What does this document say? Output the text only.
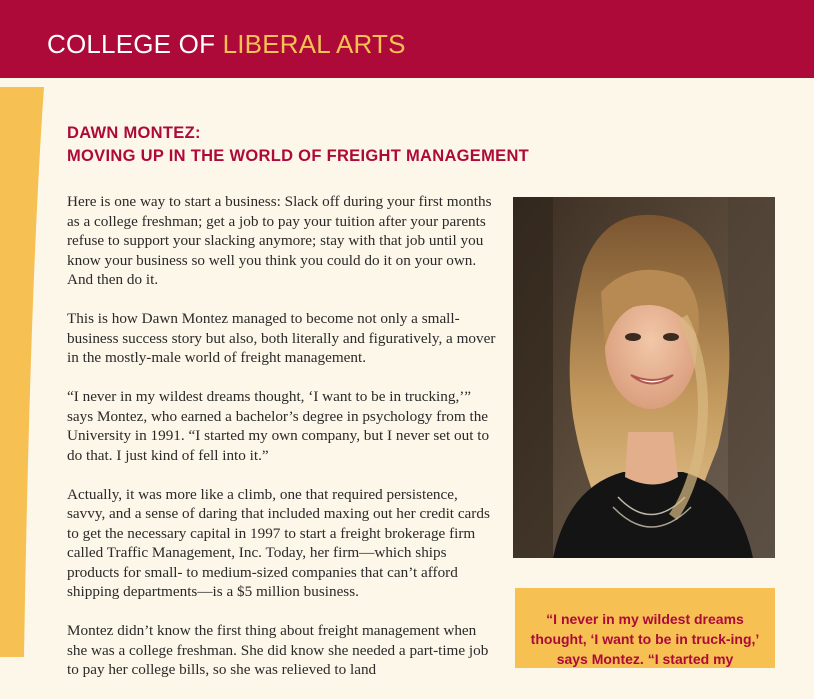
COLLEGE OF LIBERAL ARTS
DAWN MONTEZ:
MOVING UP IN THE WORLD OF FREIGHT MANAGEMENT

Here is one way to start a business: Slack off during your first months as a college freshman; get a job to pay your tuition after your parents refuse to support your slacking anymore; stay with that job until you know your business so well you think you could do it on your own. And then do it.

This is how Dawn Montez managed to become not only a small-business success story but also, both literally and figuratively, a mover in the mostly-male world of freight management.

“I never in my wildest dreams thought, ‘I want to be in trucking,’” says Montez, who earned a bachelor’s degree in psychology from the University in 1991. “I started my own company, but I never set out to do that. I just kind of fell into it.”

Actually, it was more like a climb, one that required persistence, savvy, and a sense of daring that included maxing out her credit cards to get the necessary capital in 1997 to start a freight brokerage firm called Traffic Management, Inc. Today, her firm—which ships products for small- to medium-sized companies that can’t afford shipping departments—is a $5 million business.

Montez didn’t know the first thing about freight management when she was a college freshman. She did know she needed a part-time job to pay her college bills, so she was relieved to land

“I never in my wildest dreams thought, ‘I want to be in truck-ing,’ says Montez. “I started my
